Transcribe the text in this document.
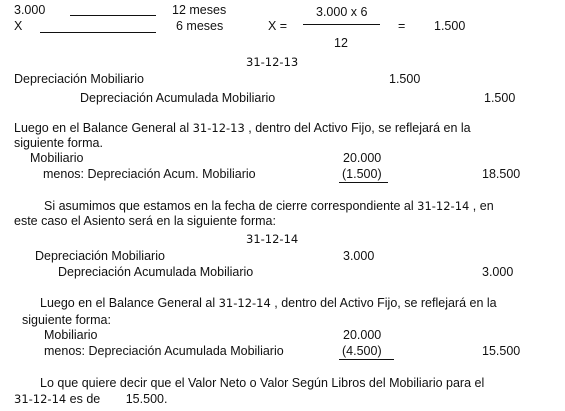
3.000	12 meses
X	6 meses	X =
3.000 x 6
12
= 1.500
31-12-13
Depreciación Mobiliario	1.500
Depreciación Acumulada Mobiliario	1.500
Luego en el Balance General al 31-12-13 , dentro del Activo Fijo, se reflejará en la
siguiente forma.
Mobiliario	20.000
menos: Depreciación Acum. Mobiliario	(1.500)	18.500
Si asumimos que estamos en la fecha de cierre correspondiente al 31-12-14 , en
este caso el Asiento será en la siguiente forma:
31-12-14
Depreciación Mobiliario	3.000
Depreciación Acumulada Mobiliario	3.000
Luego en el Balance General al 31-12-14 , dentro del Activo Fijo, se reflejará en la
siguiente forma:
Mobiliario	20.000
menos: Depreciación Acumulada Mobiliario	(4.500)	15.500
Lo que quiere decir que el Valor Neto o Valor Según Libros del Mobiliario para el
31-12-14 es de 15.500.
